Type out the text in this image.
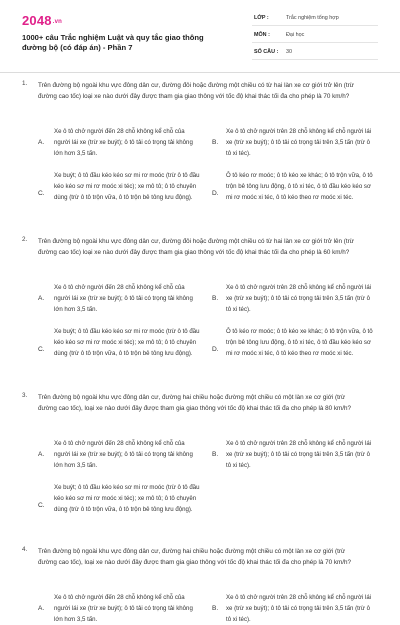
2048.vn
1000+ câu Trắc nghiệm Luật và quy tắc giao thông đường bộ (có đáp án) - Phần 7
LỚP :	Trắc nghiệm tổng hợp
MÔN :	Đại học
SỐ CÂU : 30
1. Trên đường bộ ngoài khu vực đông dân cư, đường đôi hoặc đường một chiều có từ hai làn xe cơ giới trở lên (trừ đường cao tốc) loại xe nào dưới đây được tham gia giao thông với tốc độ khai thác tối đa cho phép là 70 km/h?
A.
Xe ô tô chở người đến 28 chỗ không kể chỗ của người lái xe (trừ xe buýt); ô tô tải có trọng tải không lớn hơn 3,5 tấn.
B.
Xe ô tô chở người trên 28 chỗ không kể chỗ người lái xe (trừ xe buýt); ô tô tải có trọng tải trên 3,5 tấn (trừ ô tô xi téc).
C.
Xe buýt; ô tô đầu kéo kéo sơ mi rơ moóc (trừ ô tô đầu kéo kéo sơ mi rơ moóc xi téc); xe mô tô; ô tô chuyên dùng (trừ ô tô trộn vữa, ô tô trộn bê tông lưu động).
D.
Ô tô kéo rơ moóc; ô tô kéo xe khác; ô tô trộn vữa, ô tô trộn bê tông lưu động, ô tô xi téc, ô tô đầu kéo kéo sơ mi rơ moóc xi téc, ô tô kéo theo rơ moóc xi téc.
2. Trên đường bộ ngoài khu vực đông dân cư, đường đôi hoặc đường một chiều có từ hai làn xe cơ giới trở lên (trừ đường cao tốc) loại xe nào dưới đây được tham gia giao thông với tốc độ khai thác tối đa cho phép là 60 km/h?
A.
Xe ô tô chở người đến 28 chỗ không kể chỗ của người lái xe (trừ xe buýt); ô tô tải có trọng tải không lớn hơn 3,5 tấn.
B.
Xe ô tô chở người trên 28 chỗ không kể chỗ người lái xe (trừ xe buýt); ô tô tải có trọng tải trên 3,5 tấn (trừ ô tô xi téc).
C.
Xe buýt; ô tô đầu kéo kéo sơ mi rơ moóc (trừ ô tô đầu kéo kéo sơ mi rơ moóc xi téc); xe mô tô; ô tô chuyên dùng (trừ ô tô trộn vữa, ô tô trộn bê tông lưu động).
D.
Ô tô kéo rơ moóc; ô tô kéo xe khác; ô tô trộn vữa, ô tô trộn bê tông lưu động, ô tô xi téc, ô tô đầu kéo kéo sơ mi rơ moóc xi téc, ô tô kéo theo rơ moóc xi téc.
3. Trên đường bộ ngoài khu vực đông dân cư, đường hai chiều hoặc đường một chiều có một làn xe cơ giới (trừ đường cao tốc), loại xe nào dưới đây được tham gia giao thông với tốc độ khai thác tối đa cho phép là 80 km/h?
A.
Xe ô tô chở người đến 28 chỗ không kể chỗ của người lái xe (trừ xe buýt); ô tô tải có trọng tải không lớn hơn 3,5 tấn.
B.
Xe ô tô chở người trên 28 chỗ không kể chỗ người lái xe (trừ xe buýt); ô tô tải có trọng tải trên 3,5 tấn (trừ ô tô xi téc).
C.
Xe buýt; ô tô đầu kéo kéo sơ mi rơ moóc (trừ ô tô đầu kéo kéo sơ mi rơ moóc xi téc); xe mô tô; ô tô chuyên dùng (trừ ô tô trộn vữa, ô tô trộn bê tông lưu động).
4. Trên đường bộ ngoài khu vực đông dân cư, đường hai chiều hoặc đường một chiều có một làn xe cơ giới (trừ đường cao tốc), loại xe nào dưới đây được tham gia giao thông với tốc độ khai thác tối đa cho phép là 70 km/h?
A.
Xe ô tô chở người đến 28 chỗ không kể chỗ của người lái xe (trừ xe buýt); ô tô tải có trọng tải không lớn hơn 3,5 tấn.
B.
Xe ô tô chở người trên 28 chỗ không kể chỗ người lái xe (trừ xe buýt); ô tô tải có trọng tải trên 3,5 tấn (trừ ô tô xi téc).
